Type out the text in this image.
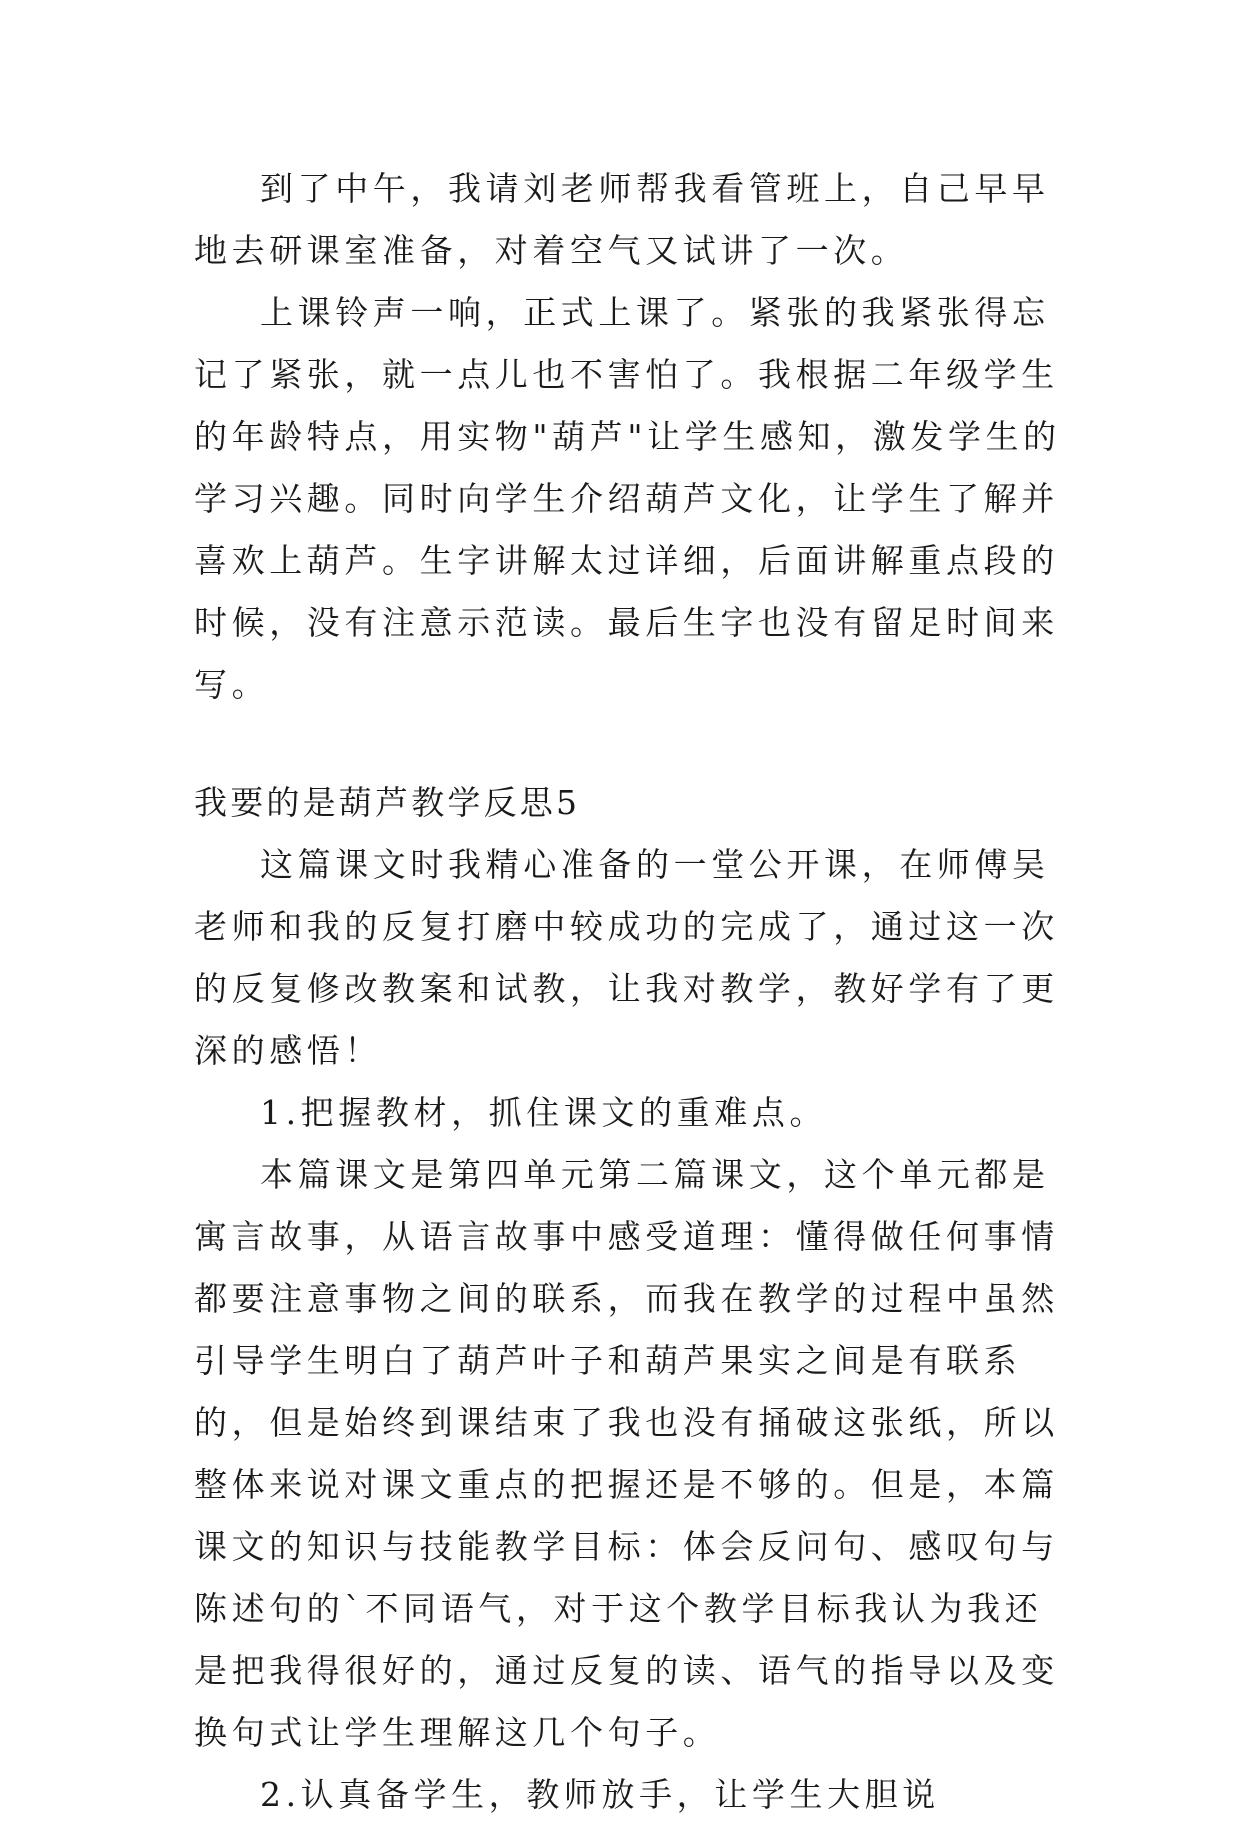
到了中午，我请刘老师帮我看管班上，自己早早地去研课室准备，对着空气又试讲了一次。

上课铃声一响，正式上课了。紧张的我紧张得忘记了紧张，就一点儿也不害怕了。我根据二年级学生的年龄特点，用实物"葫芦"让学生感知，激发学生的学习兴趣。同时向学生介绍葫芦文化，让学生了解并喜欢上葫芦。生字讲解太过详细，后面讲解重点段的时候，没有注意示范读。最后生字也没有留足时间来写。

我要的是葫芦教学反思5

这篇课文时我精心准备的一堂公开课，在师傅吴老师和我的反复打磨中较成功的完成了，通过这一次的反复修改教案和试教，让我对教学，教好学有了更深的感悟！

1.把握教材，抓住课文的重难点。

本篇课文是第四单元第二篇课文，这个单元都是寓言故事，从语言故事中感受道理：懂得做任何事情都要注意事物之间的联系，而我在教学的过程中虽然引导学生明白了葫芦叶子和葫芦果实之间是有联系的，但是始终到课结束了我也没有捅破这张纸，所以整体来说对课文重点的把握还是不够的。但是，本篇课文的知识与技能教学目标：体会反问句、感叹句与陈述句的`不同语气，对于这个教学目标我认为我还是把我得很好的，通过反复的读、语气的指导以及变换句式让学生理解这几个句子。

2.认真备学生，教师放手，让学生大胆说
